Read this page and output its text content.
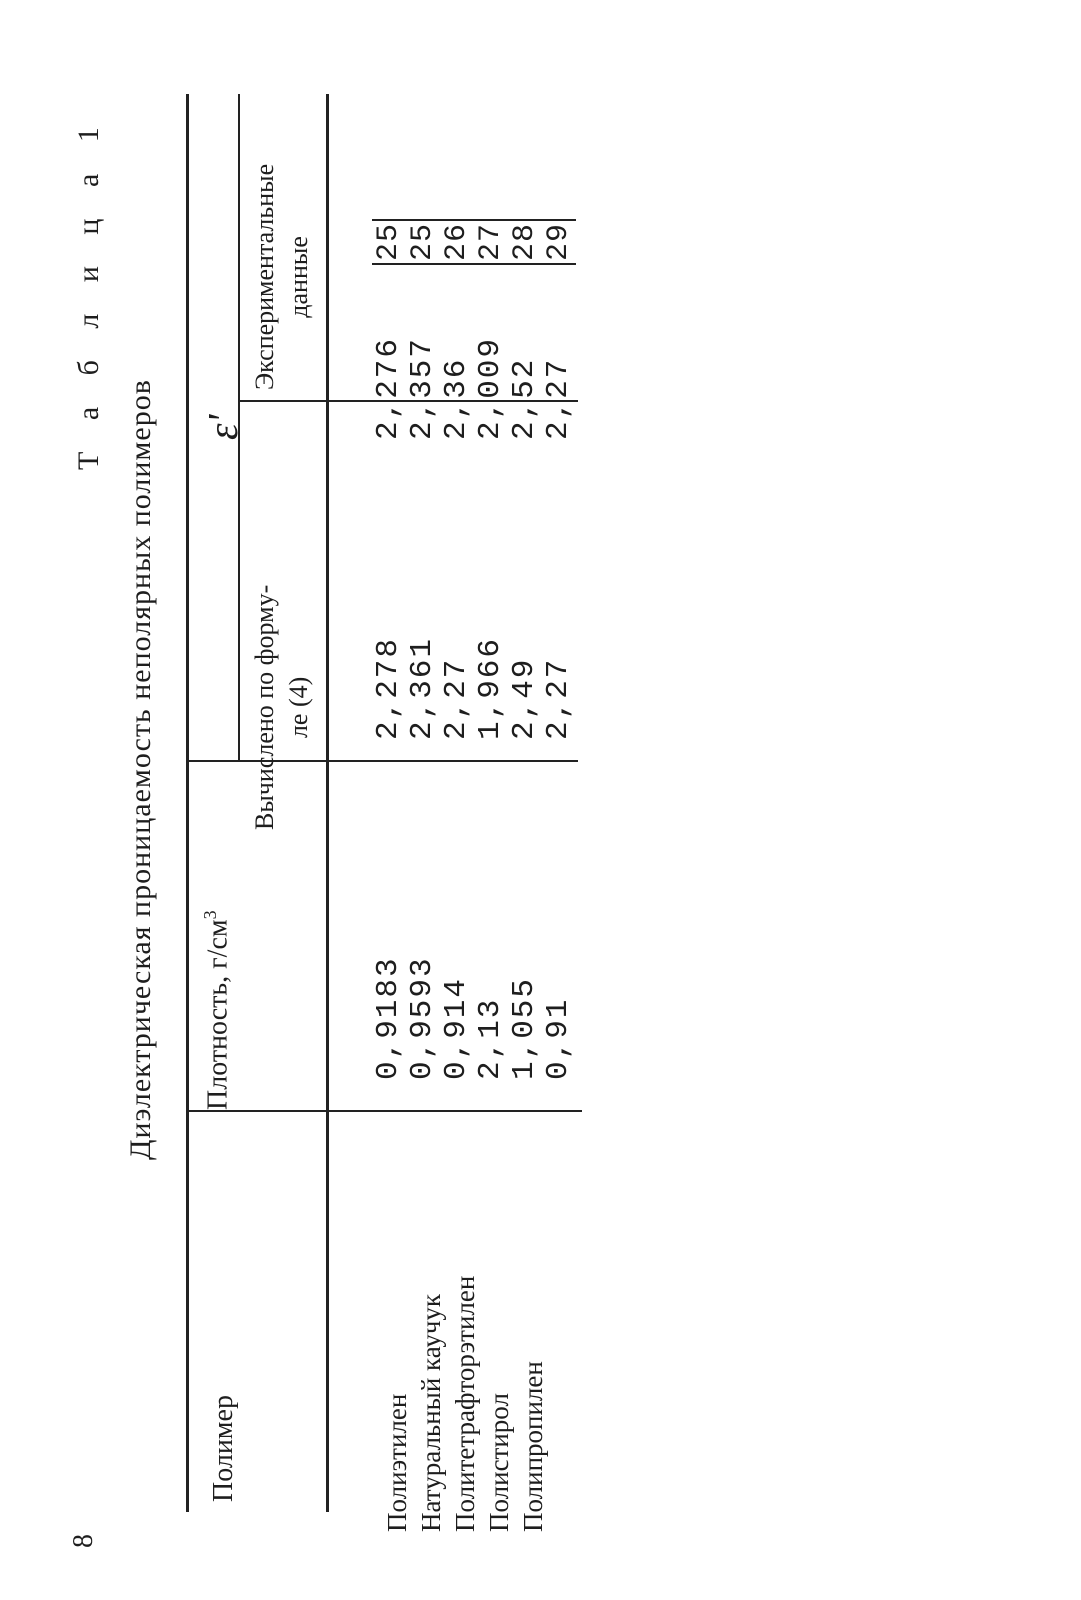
8
Т а б л и ц а 1
Диэлектрическая проницаемость неполярных полимеров
Полимер
Плотность, $г/см^3$
ε'
Вычислено по форму- ле (4)
Экспериментальные данные
Полиэтилен Натуральный каучук Политетрафторэтилен Полистирол Полипропилен
0,9183 0,9593 0,914 2,13 1,055 0,91
2,278 2,361 2,27 1,966 2,49 2,27
2,276 2,357 2,36 2,009 2,52 2,27
25 25 26 27 28 29
